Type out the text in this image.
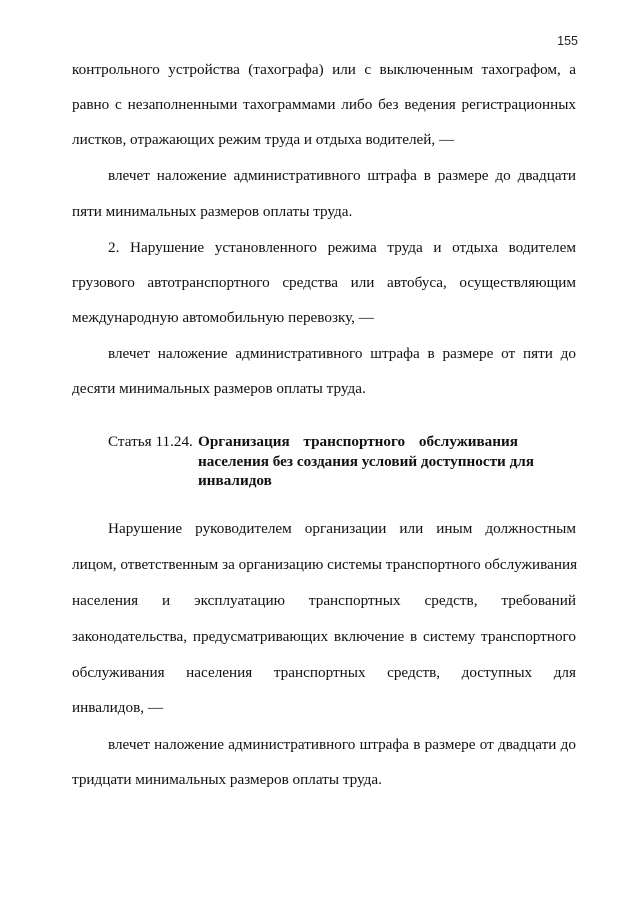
155
контрольного устройства (тахографа) или с выключенным тахографом, а
равно с незаполненными тахограммами либо без ведения регистрационных
листков, отражающих режим труда и отдыха водителей, —
влечет наложение административного штрафа в размере до двадцати
пяти минимальных размеров оплаты труда.
2. Нарушение установленного режима труда и отдыха водителем
грузового автотранспортного средства или автобуса, осуществляющим
международную автомобильную перевозку, —
влечет наложение административного штрафа в размере от пяти до
десяти минимальных размеров оплаты труда.
Статья 11.24. Организация транспортного обслуживания
населения без создания условий доступности для
инвалидов
Нарушение руководителем организации или иным должностным
лицом, ответственным за организацию системы транспортного обслуживания
населения и эксплуатацию транспортных средств, требований
законодательства, предусматривающих включение в систему транспортного
обслуживания населения транспортных средств, доступных для
инвалидов, —
влечет наложение административного штрафа в размере от двадцати до
тридцати минимальных размеров оплаты труда.
